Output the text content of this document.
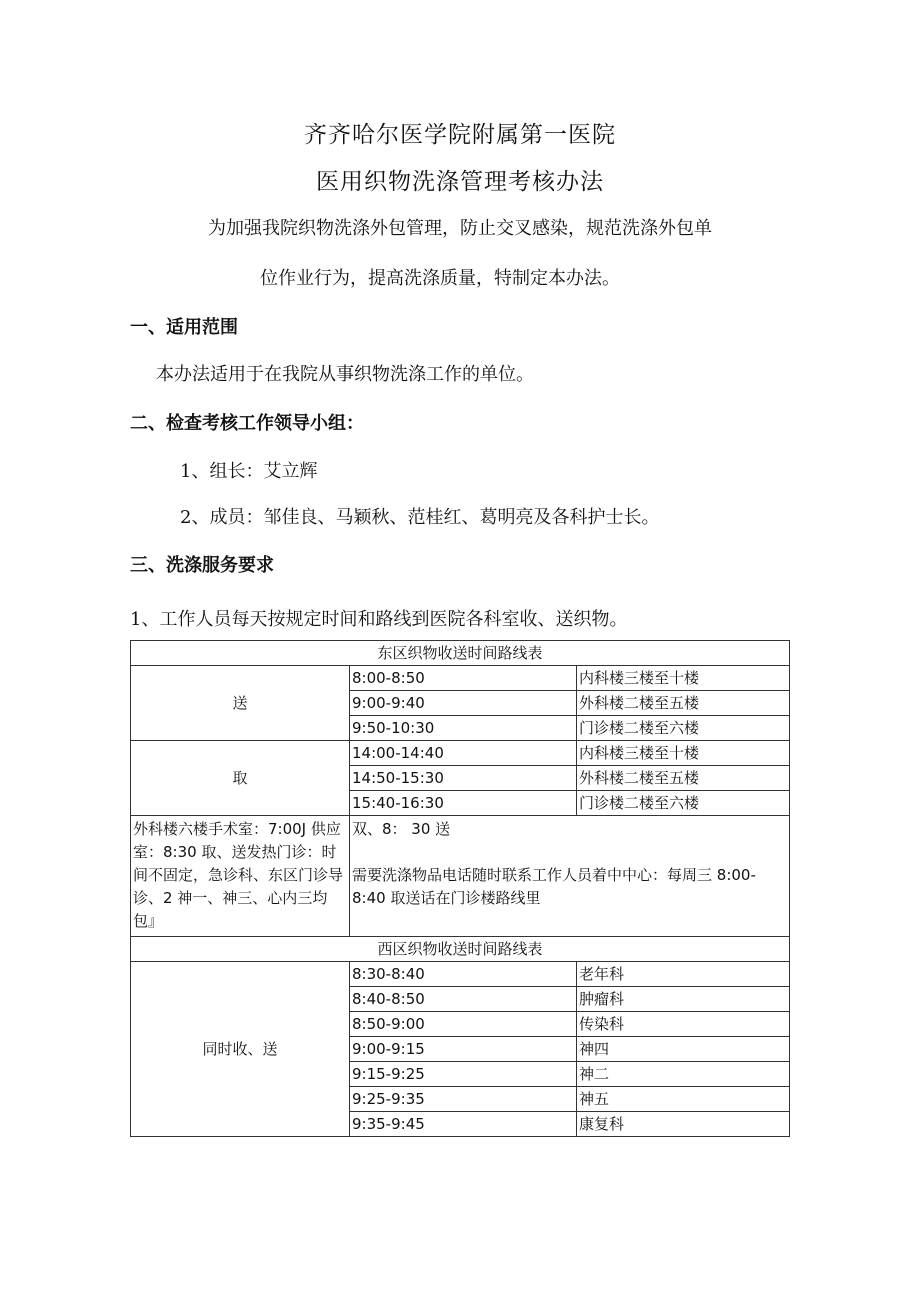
齐齐哈尔医学院附属第一医院
医用织物洗涤管理考核办法
为加强我院织物洗涤外包管理，防止交叉感染，规范洗涤外包单
位作业行为，提高洗涤质量，特制定本办法。
一、适用范围
本办法适用于在我院从事织物洗涤工作的单位。
二、检查考核工作领导小组：
1、组长：艾立辉
2、成员：邹佳良、马颖秋、范桂红、葛明亮及各科护士长。
三、洗涤服务要求
1、工作人员每天按规定时间和路线到医院各科室收、送织物。
东区织物收送时间路线表		
送	8:00-8:50	内科楼三楼至十楼
	9:00-9:40	外科楼二楼至五楼
	9:50-10:30	门诊楼二楼至六楼
取	14:00-14:40	内科楼三楼至十楼
	14:50-15:30	外科楼二楼至五楼
	15:40-16:30	门诊楼二楼至六楼
外科楼六楼手术室：7:00J 供应室：8:30 取、送发热门诊：时间不固定，急诊科、东区门诊导诊、2 神一、神三、心内三均包』	双、8： 30 送
需要洗涤物品电话随时联系工作人员着中中心：每周三 8:00-8:40 取送话在门诊楼路线里	

西区织物收送时间路线表		
同时收、送	8:30-8:40	老年科
	8:40-8:50	肿瘤科
	8:50-9:00	传染科
	9:00-9:15	神四
	9:15-9:25	神二
	9:25-9:35	神五
	9:35-9:45	康复科
